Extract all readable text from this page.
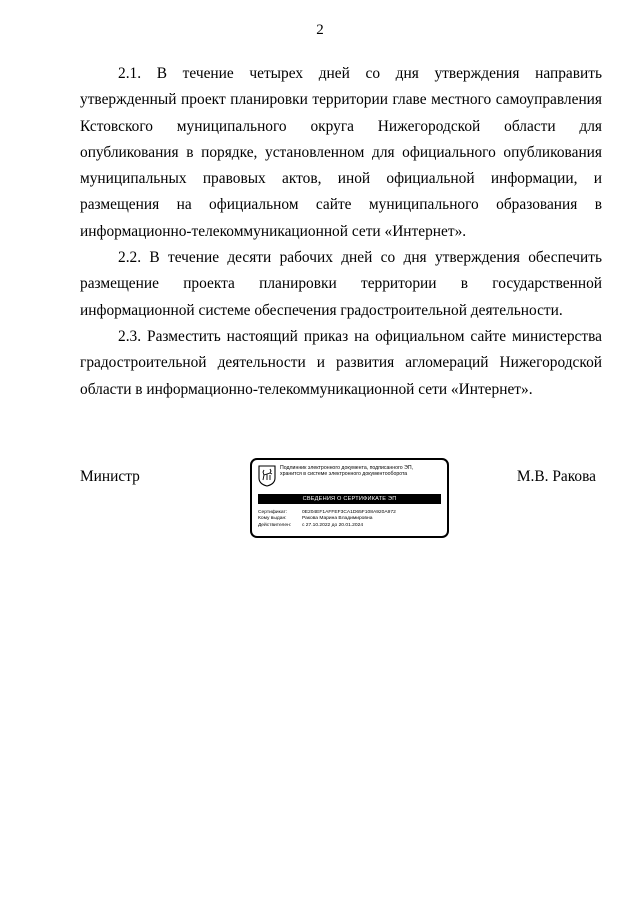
2

2.1. В течение четырех дней со дня утверждения направить утвержденный проект планировки территории главе местного самоуправления Кстовского муниципального округа Нижегородской области для опубликования в порядке, установленном для официального опубликования муниципальных правовых актов, иной официальной информации, и размещения на официальном сайте муниципального образования в информационно-телекоммуникационной сети «Интернет».

2.2. В течение десяти рабочих дней со дня утверждения обеспечить размещение проекта планировки территории в государственной информационной системе обеспечения градостроительной деятельности.

2.3. Разместить настоящий приказ на официальном сайте министерства градостроительной деятельности и развития агломераций Нижегородской области в информационно-телекоммуникационной сети «Интернет».

Министр	Подлинник электронного документа, подписанного ЭП,
хранится в системе электронного документооборота
СВЕДЕНИЯ О СЕРТИФИКАТЕ ЭП
Сертификат:	0E204EF1AFFEF3CA1D65F108A920A972
Кому выдан:	Ракова Марина Владимировна
Действителен:	с 27.10.2022 до 20.01.2024
М.В. Ракова
